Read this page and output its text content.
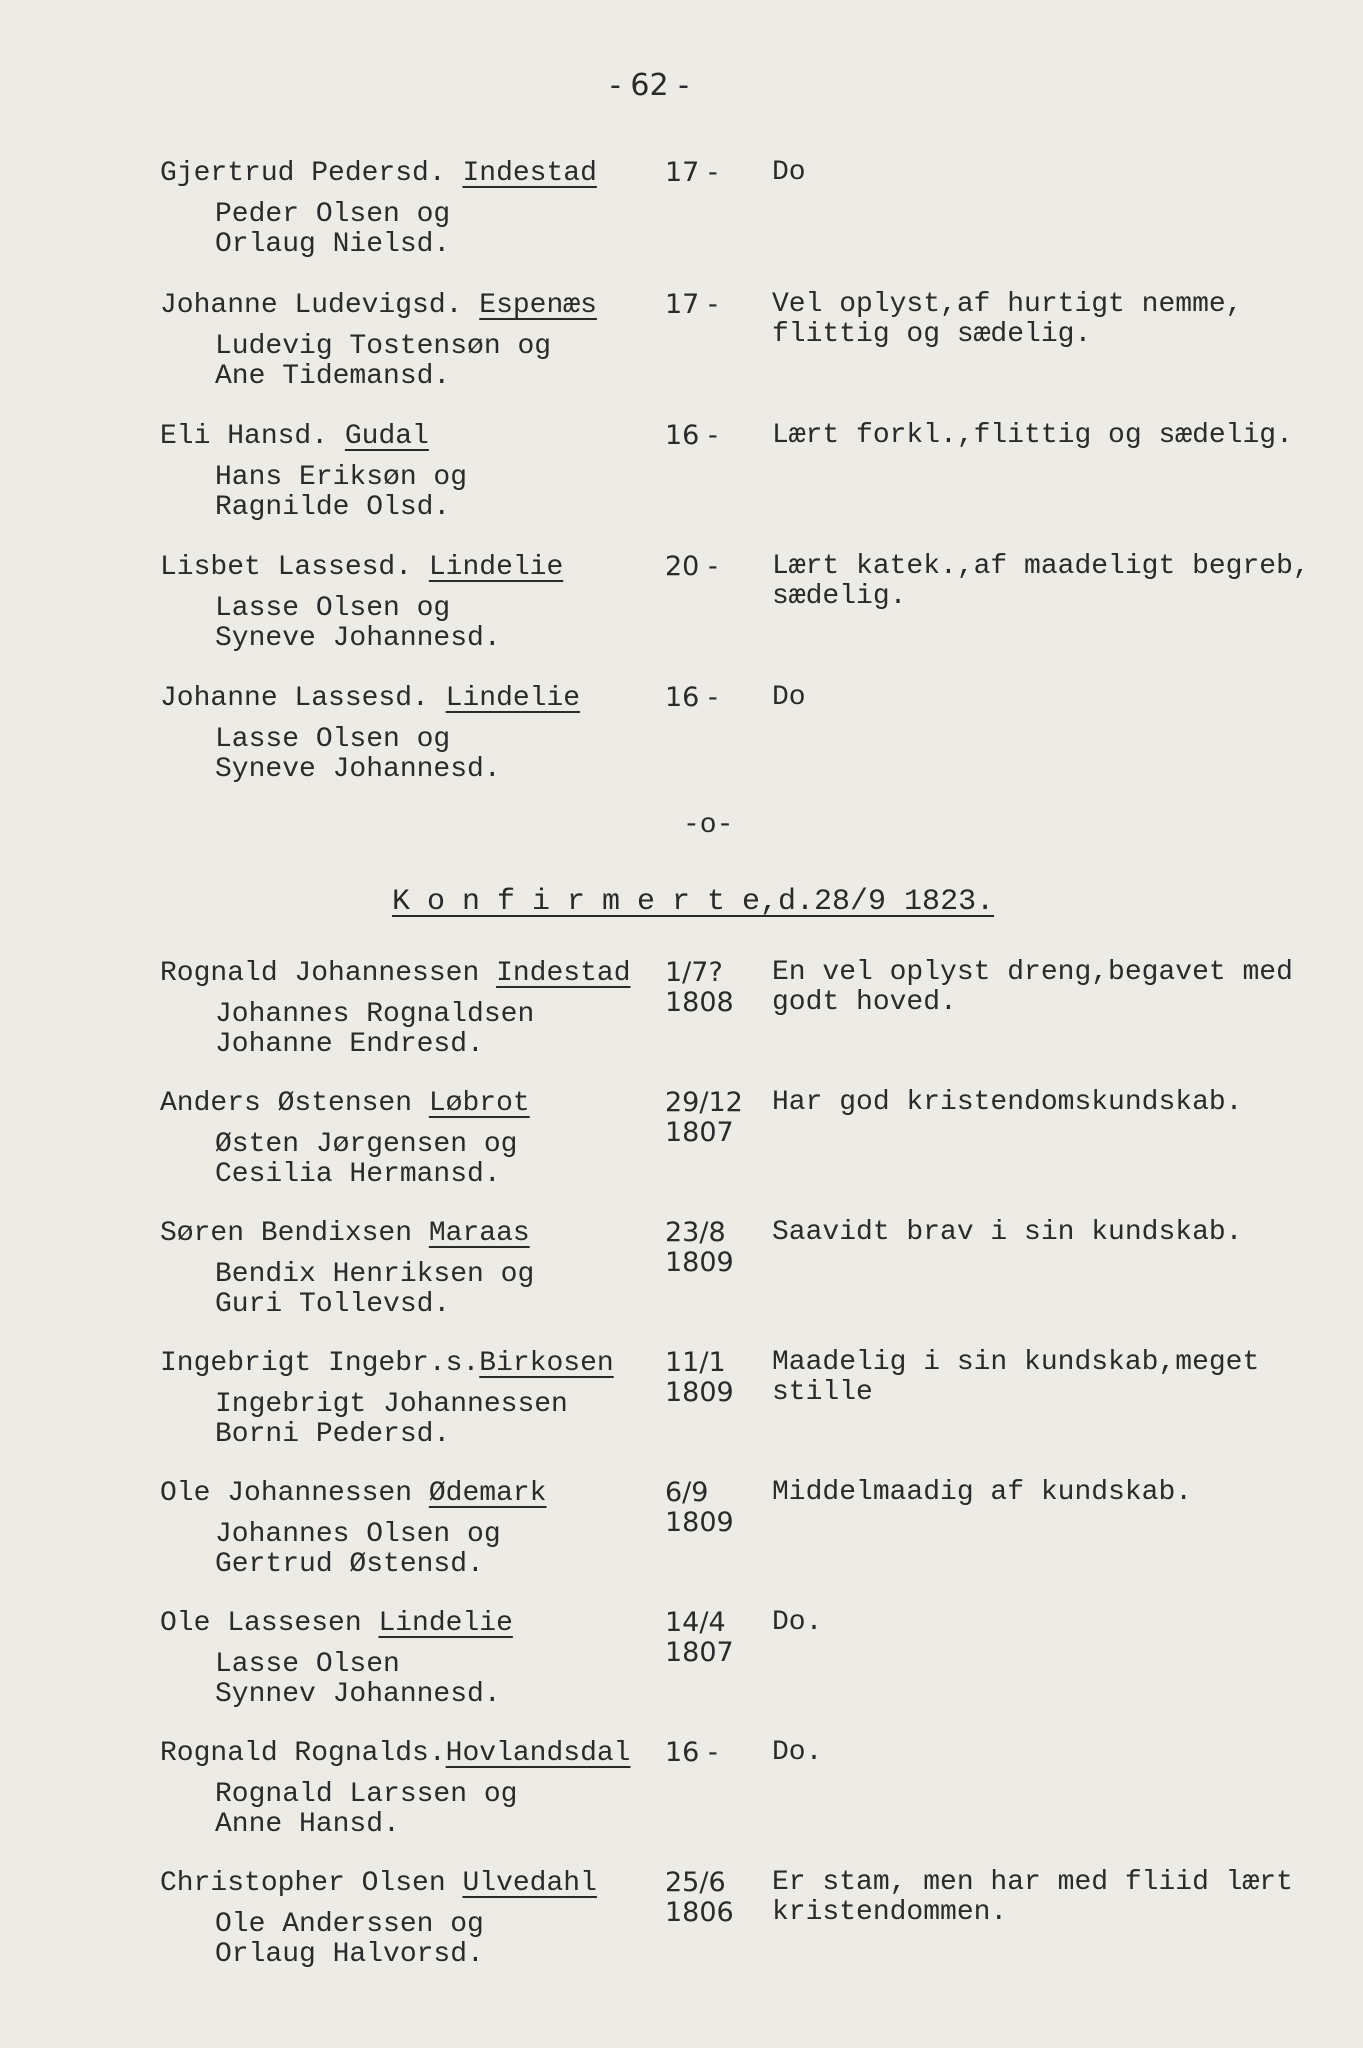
- 62 -
Gjertrud Pedersd. Indestad
Peder Olsen og
Orlaug Nielsd.
17 - Do
Johanne Ludevigsd. Espenæs
Ludevig Tostensøn og
Ane Tidemansd.
17 - Vel oplyst,af hurtigt nemme,
flittig og sædelig.
Eli Hansd. Gudal
Hans Eriksøn og
Ragnilde Olsd.
16 - Lært forkl.,flittig og sædelig.
Lisbet Lassesd. Lindelie
Lasse Olsen og
Syneve Johannesd.
20 - Lært katek.,af maadeligt begreb,
sædelig.
Johanne Lassesd. Lindelie
Lasse Olsen og
Syneve Johannesd.
16 - Do
-o-
Konfirmerte,d.28/9 1823.
Rognald Johannessen Indestad
Johannes Rognaldsen
Johanne Endresd.
1/7?
1808
En vel oplyst dreng,begavet med
godt hoved.
Anders Østensen Løbrot
Østen Jørgensen og
Cesilia Hermansd.
29/12
1807
Har god kristendomskundskab.
Søren Bendixsen Maraas
Bendix Henriksen og
Guri Tollevsd.
23/8
1809
Saavidt brav i sin kundskab.
Ingebrigt Ingebr.s.Birkosen
Ingebrigt Johannessen
Borni Pedersd.
11/1
1809
Maadelig i sin kundskab,meget
stille
Ole Johannessen Ødemark
Johannes Olsen og
Gertrud Østensd.
6/9
1809
Middelmaadig af kundskab.
Ole Lassesen Lindelie
Lasse Olsen
Synnev Johannesd.
14/4
1807
Do.
Rognald Rognalds.Hovlandsdal
Rognald Larssen og
Anne Hansd.
16 - Do.
Christopher Olsen Ulvedahl
Ole Anderssen og
Orlaug Halvorsd.
25/6
1806
Er stam, men har med fliid lært
kristendommen.
